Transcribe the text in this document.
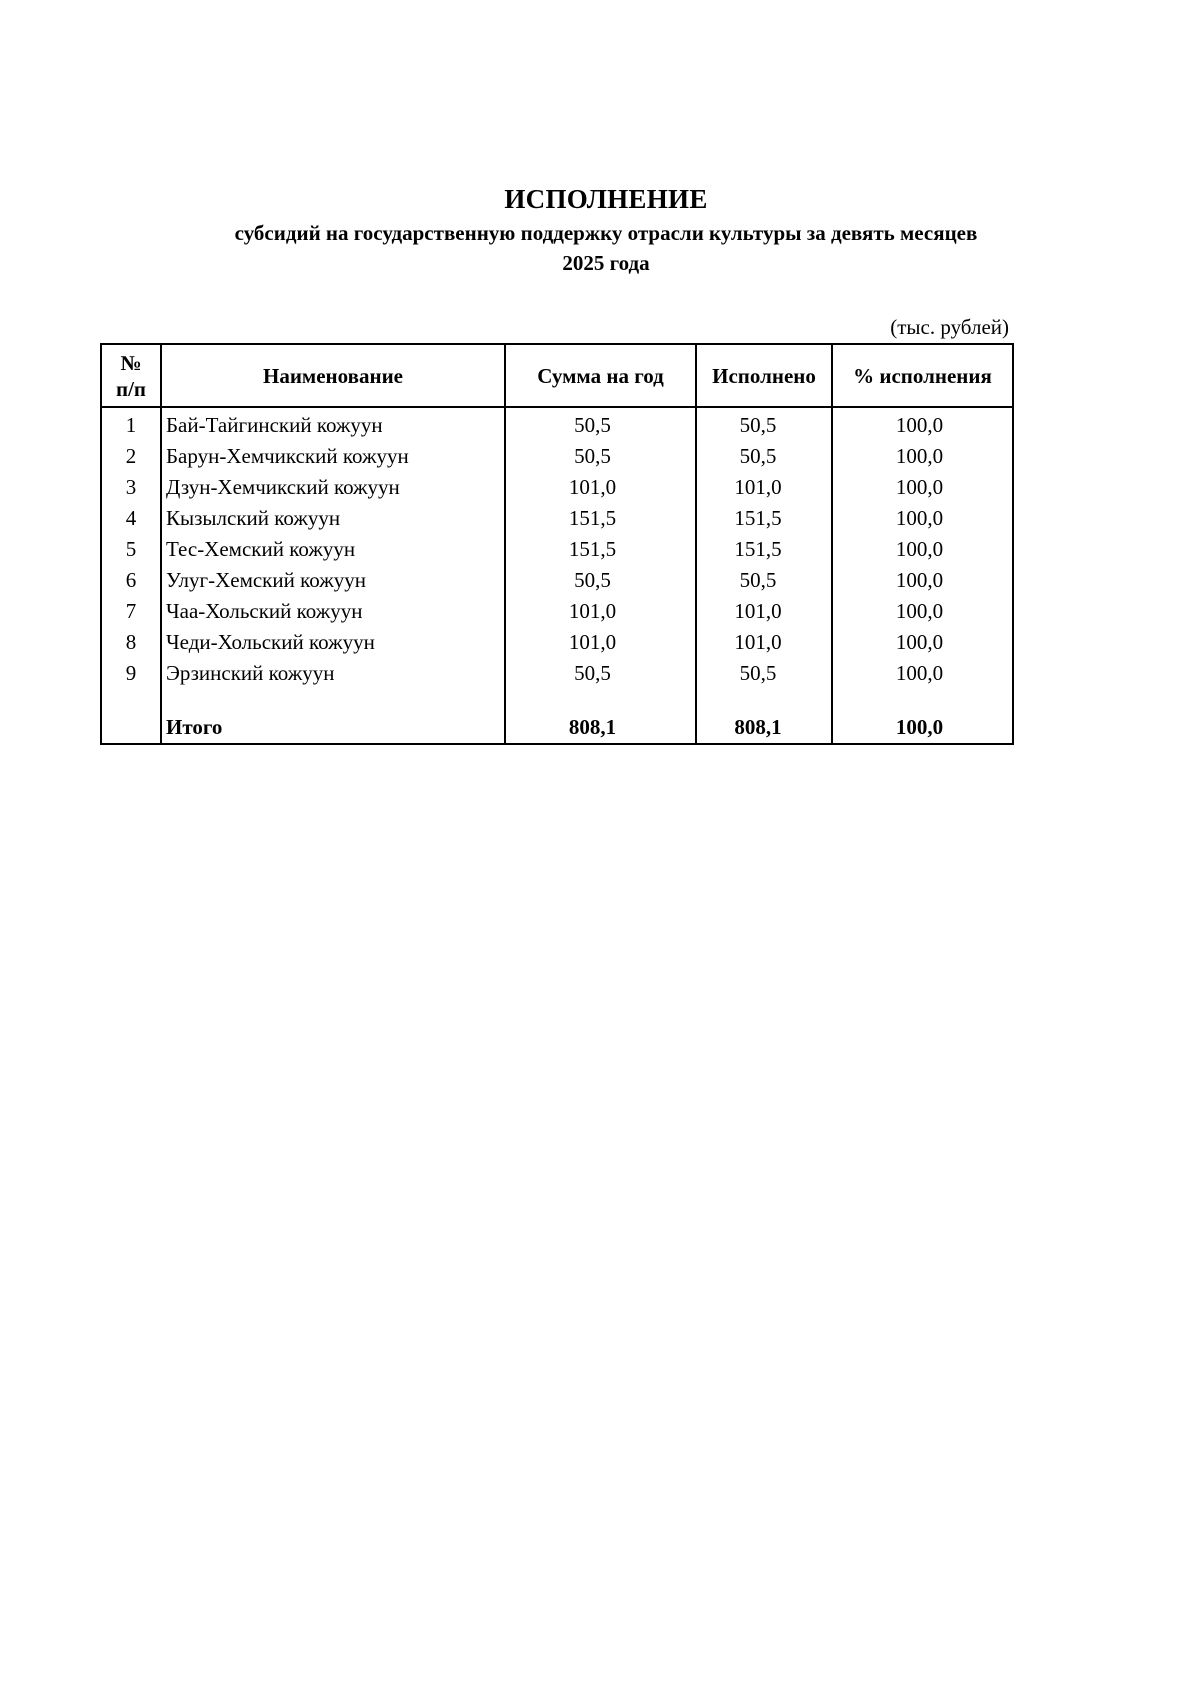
ИСПОЛНЕНИЕ
субсидий на государственную поддержку отрасли культуры за девять месяцев
2025 года
(тыс. рублей)
№
п/п	Наименование	Сумма на год	Исполнено	% исполнения
1	Бай-Тайгинский кожуун	50,5	50,5	100,0
2	Барун-Хемчикский кожуун	50,5	50,5	100,0
3	Дзун-Хемчикский кожуун	101,0	101,0	100,0
4	Кызылский кожуун	151,5	151,5	100,0
5	Тес-Хемский кожуун	151,5	151,5	100,0
6	Улуг-Хемский кожуун	50,5	50,5	100,0
7	Чаа-Хольский кожуун	101,0	101,0	100,0
8	Чеди-Хольский кожуун	101,0	101,0	100,0
9	Эрзинский кожуун	50,5	50,5	100,0

	Итого	808,1	808,1	100,0
